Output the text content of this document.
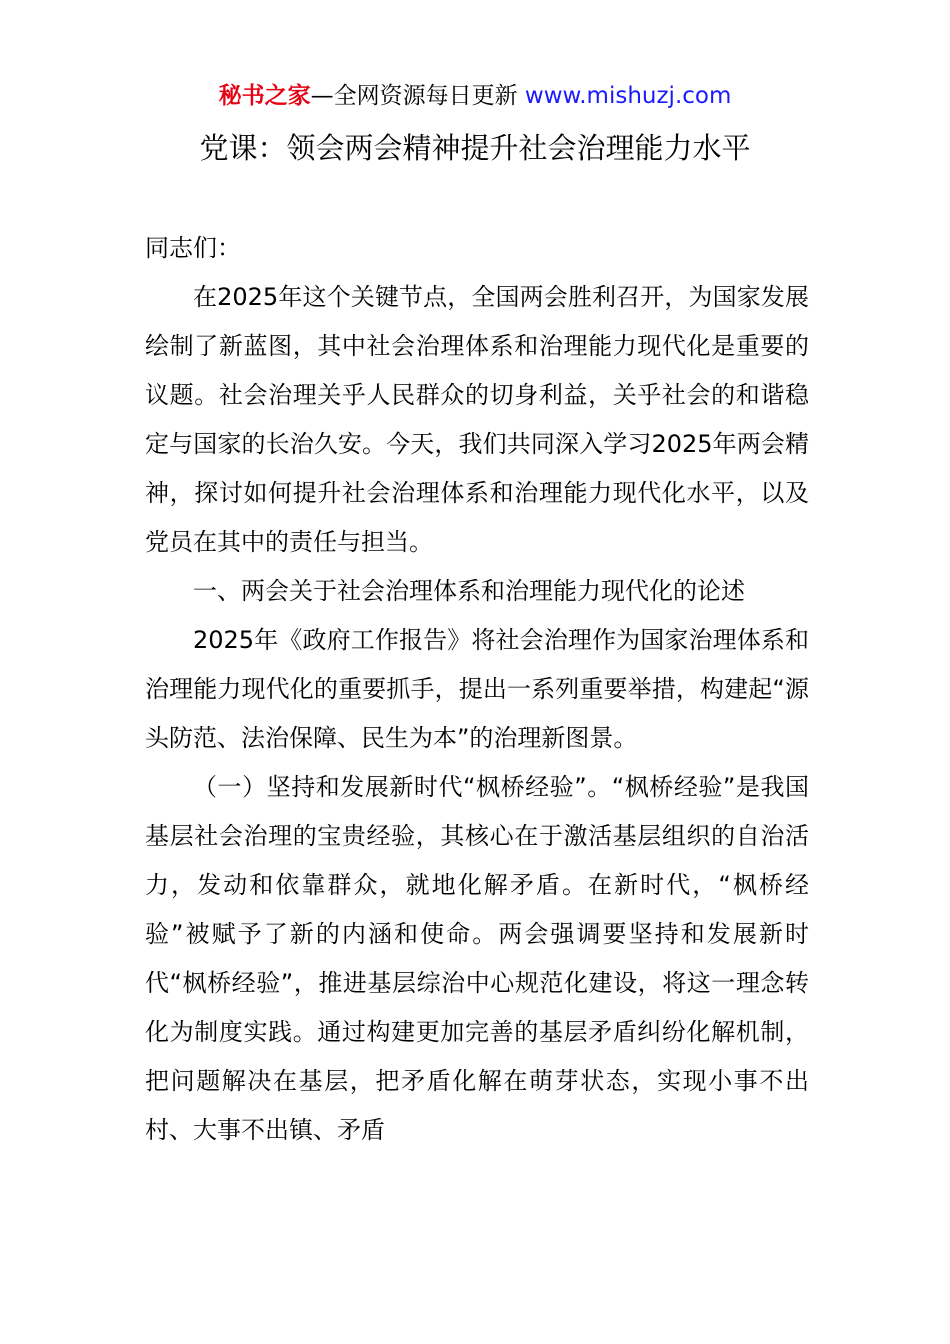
秘书之家—全网资源每日更新 www.mishuzj.com
党课：领会两会精神提升社会治理能力水平

同志们：

在2025年这个关键节点，全国两会胜利召开，为国家发展绘制了新蓝图，其中社会治理体系和治理能力现代化是重要的议题。社会治理关乎人民群众的切身利益，关乎社会的和谐稳定与国家的长治久安。今天，我们共同深入学习2025年两会精神，探讨如何提升社会治理体系和治理能力现代化水平，以及党员在其中的责任与担当。

一、两会关于社会治理体系和治理能力现代化的论述

2025年《政府工作报告》将社会治理作为国家治理体系和治理能力现代化的重要抓手，提出一系列重要举措，构建起“源头防范、法治保障、民生为本”的治理新图景。

（一）坚持和发展新时代“枫桥经验”。“枫桥经验”是我国基层社会治理的宝贵经验，其核心在于激活基层组织的自治活力，发动和依靠群众，就地化解矛盾。在新时代，“枫桥经验”被赋予了新的内涵和使命。两会强调要坚持和发展新时代“枫桥经验”，推进基层综治中心规范化建设，将这一理念转化为制度实践。通过构建更加完善的基层矛盾纠纷化解机制，把问题解决在基层，把矛盾化解在萌芽状态，实现小事不出村、大事不出镇、矛盾
